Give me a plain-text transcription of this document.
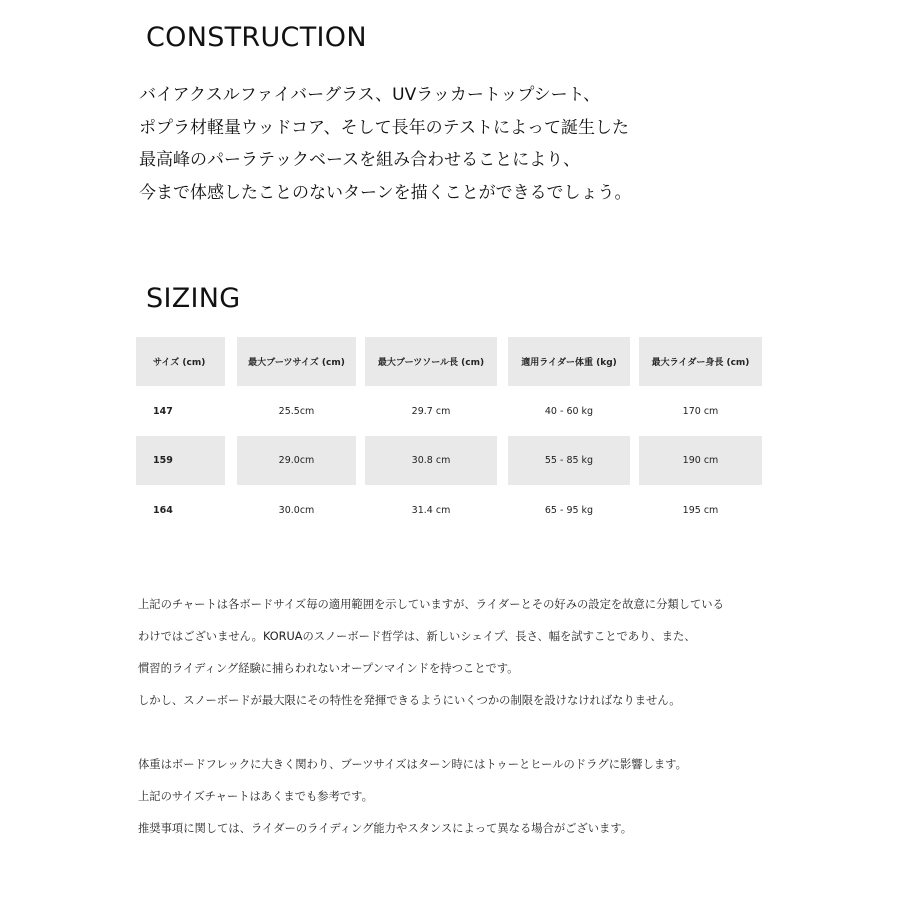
CONSTRUCTION
バイアクスルファイバーグラス、UVラッカートップシート、
ポプラ材軽量ウッドコア、そして長年のテストによって誕生した
最高峰のパーラテックベースを組み合わせることにより、
今まで体感したことのないターンを描くことができるでしょう。
SIZING
サイズ (cm)	最大ブーツサイズ (cm)	最大ブーツソール長 (cm)	適用ライダー体重 (kg)	最大ライダー身長 (cm)
147	25.5cm	29.7 cm	40 - 60 kg	170 cm
159	29.0cm	30.8 cm	55 - 85 kg	190 cm
164	30.0cm	31.4 cm	65 - 95 kg	195 cm
上記のチャートは各ボードサイズ毎の適用範囲を示していますが、ライダーとその好みの設定を故意に分類している
わけではございません。KORUAのスノーボード哲学は、新しいシェイプ、長さ、幅を試すことであり、また、
慣習的ライディング経験に捕らわれないオープンマインドを持つことです。
しかし、スノーボードが最大限にその特性を発揮できるようにいくつかの制限を設けなければなりません。
体重はボードフレックに大きく関わり、ブーツサイズはターン時にはトゥーとヒールのドラグに影響します。
上記のサイズチャートはあくまでも参考です。
推奨事項に関しては、ライダーのライディング能力やスタンスによって異なる場合がございます。
